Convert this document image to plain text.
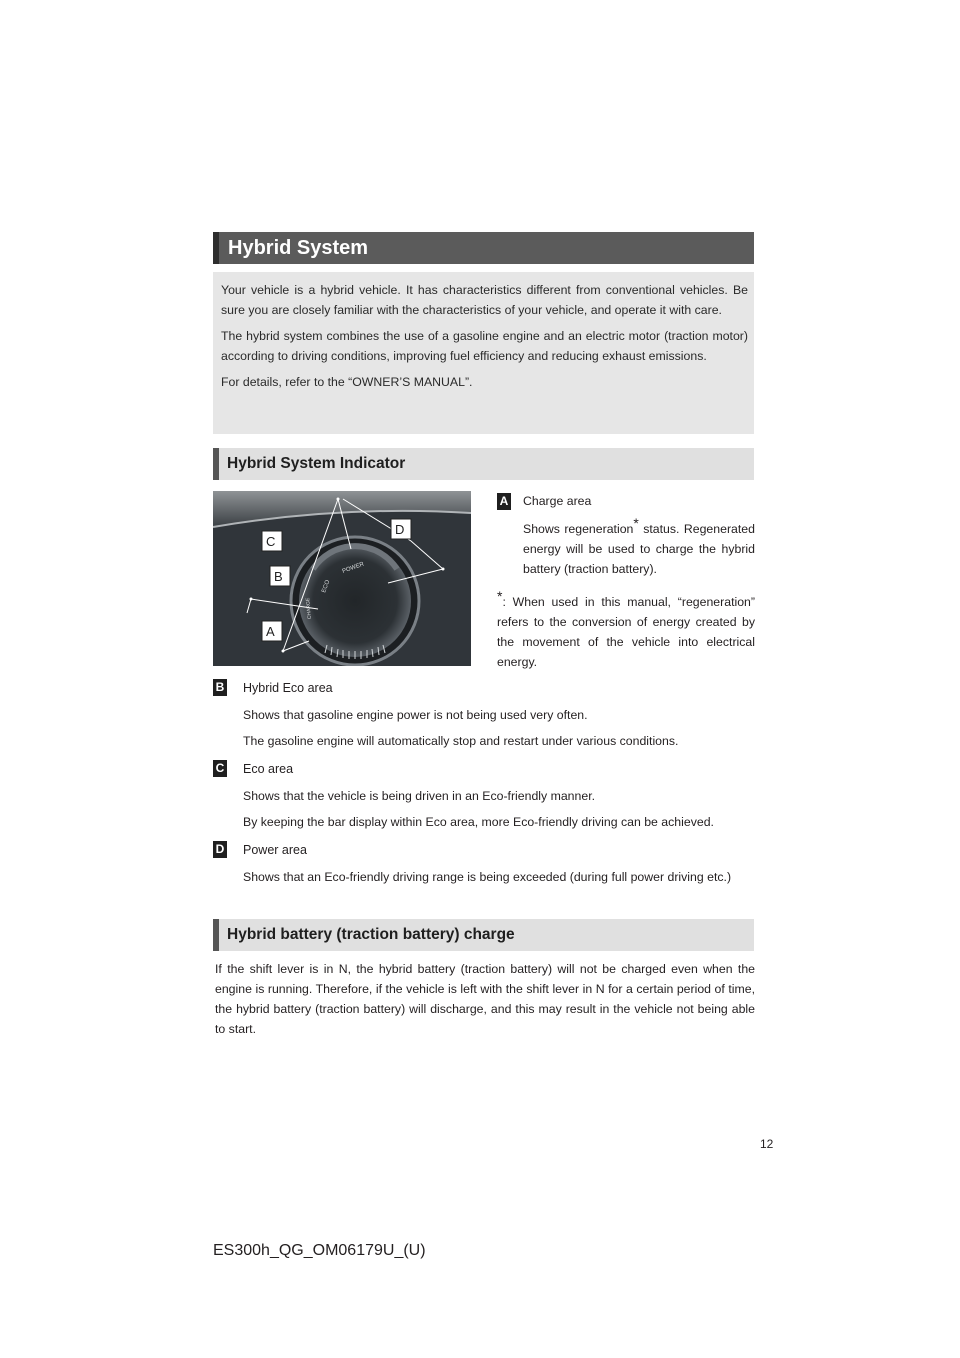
Hybrid System

Your vehicle is a hybrid vehicle. It has characteristics different from conventional vehicles. Be sure you are closely familiar with the characteristics of your vehicle, and operate it with care.

The hybrid system combines the use of a gasoline engine and an electric motor (traction motor) according to driving conditions, improving fuel efficiency and reducing exhaust emissions.

For details, refer to the “OWNER’S MANUAL”.

Hybrid System Indicator
ECO
POWER
CHARGE
C
D
B
A
A Charge area
Shows regeneration* status. Regenerated energy will be used to charge the hybrid battery (traction battery).
*: When used in this manual, “regeneration” refers to the conversion of energy created by the movement of the vehicle into electrical energy.
B Hybrid Eco area
Shows that gasoline engine power is not being used very often.
The gasoline engine will automatically stop and restart under various conditions.
C Eco area
Shows that the vehicle is being driven in an Eco-friendly manner.
By keeping the bar display within Eco area, more Eco-friendly driving can be achieved.
D Power area
Shows that an Eco-friendly driving range is being exceeded (during full power driving etc.)
Hybrid battery (traction battery) charge
If the shift lever is in N, the hybrid battery (traction battery) will not be charged even when the engine is running. Therefore, if the vehicle is left with the shift lever in N for a certain period of time, the hybrid battery (traction battery) will discharge, and this may result in the vehicle not being able to start.
12
ES300h_QG_OM06179U_(U)
